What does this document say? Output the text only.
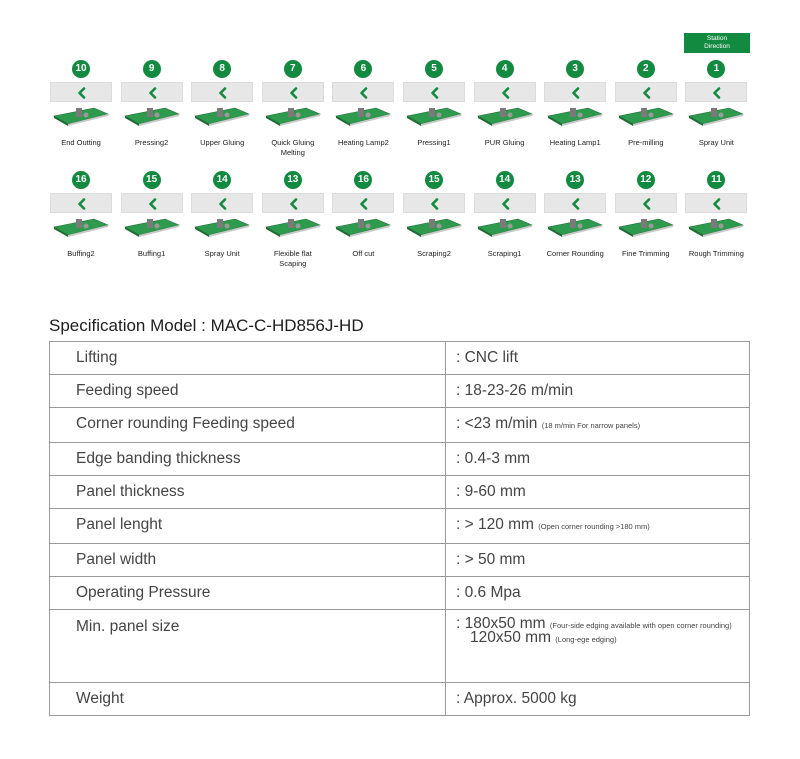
Station
Direction
10
End Outting
9
Pressing2
8
Upper Gluing
7
Quick Gluing Melting
6
Heating Lamp2
5
Pressing1
4
PUR Gluing
3
Heating Lamp1
2
Pre-milling
1
Spray Unit
16
Buffing2
15
Buffing1
14
Spray Unit
13
Flexible flat Scaping
16
Off cut
15
Scraping2
14
Scraping1
13
Corner Rounding
12
Fine Trimming
11
Rough Trimming
Specification Model : MAC-C-HD856J-HD
Lifting	: CNC lift
Feeding speed	: 18-23-26 m/min
Corner rounding Feeding speed	: <23 m/min (18 m/min For narrow panels)
Edge banding thickness	: 0.4-3 mm
Panel thickness	: 9-60 mm
Panel lenght	: > 120 mm (Open corner rounding >180 mm)
Panel width	: > 50 mm
Operating Pressure	: 0.6 Mpa
Min. panel size	: 180x50 mm (Four-side edging available with open corner rounding)
120x50 mm (Long-ege edging)

Weight	: Approx. 5000 kg
